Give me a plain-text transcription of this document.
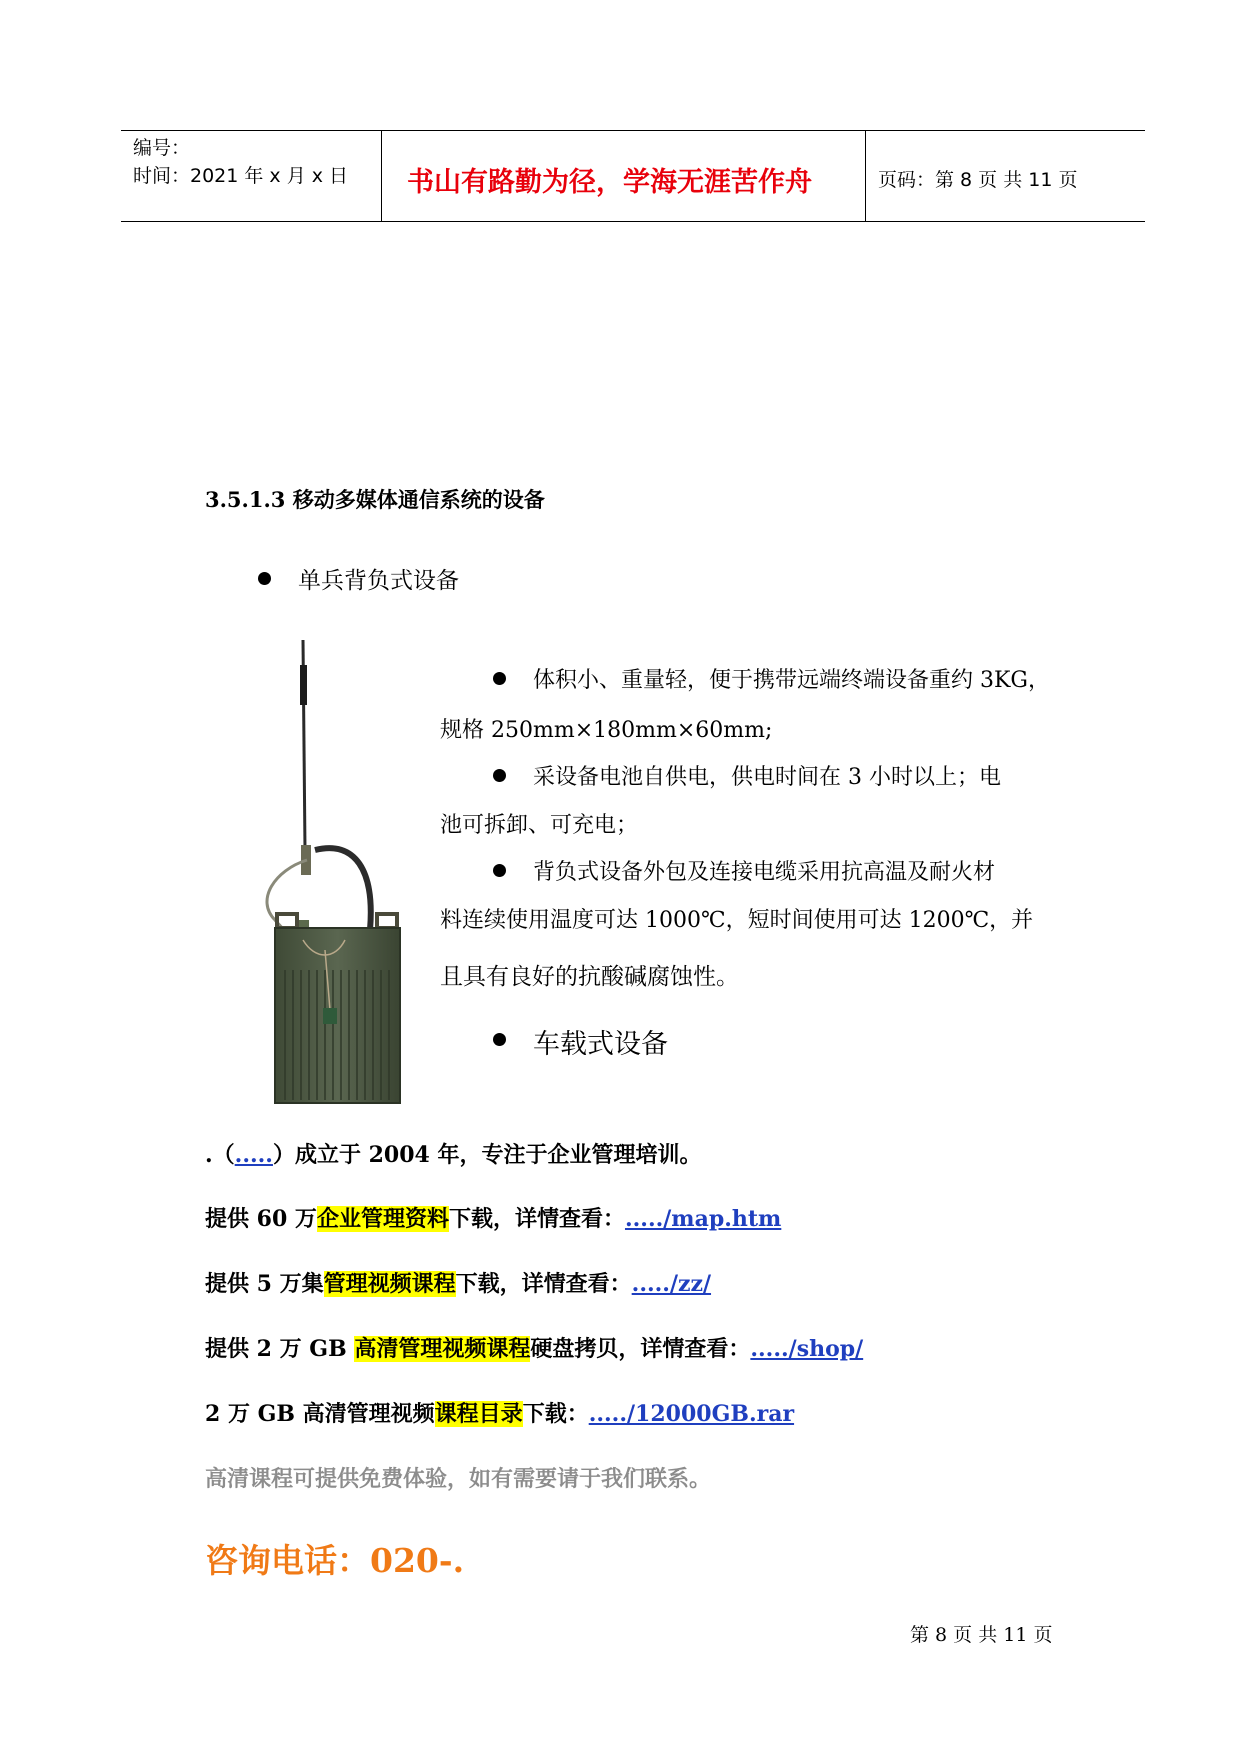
编号：
时间：2021 年 x 月 x 日 书山有路勤为径，学海无涯苦作舟	页码：第 8 页 共 11 页
3.5.1.3 移动多媒体通信系统的设备
单兵背负式设备
体积小、重量轻，便于携带远端终端设备重约 3KG，
规格 250mm×180mm×60mm;
采设备电池自供电，供电时间在 3 小时以上；电
池可拆卸、可充电；
背负式设备外包及连接电缆采用抗高温及耐火材
料连续使用温度可达 1000℃，短时间使用可达 1200℃，并
且具有良好的抗酸碱腐蚀性。
车载式设备
.（.....）成立于 2004 年，专注于企业管理培训。
提供 60 万企业管理资料下载，详情查看：...../map.htm
提供 5 万集管理视频课程下载，详情查看：...../zz/
提供 2 万 GB 高清管理视频课程硬盘拷贝，详情查看：...../shop/
2 万 GB 高清管理视频课程目录下载：...../12000GB.rar
高清课程可提供免费体验，如有需要请于我们联系。
咨询电话：020-.
第 8 页 共 11 页
